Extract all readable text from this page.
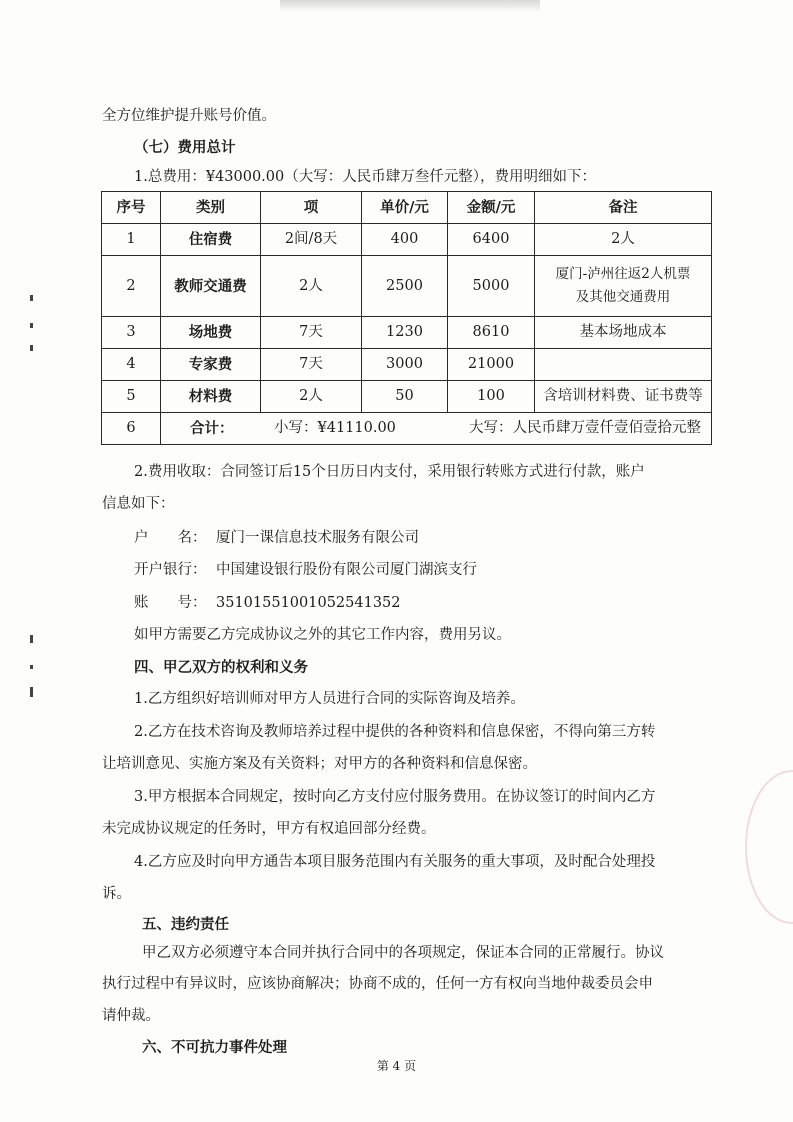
全方位维护提升账号价值。

（七）费用总计

1.总费用：¥43000.00（大写：人民币肆万叁仟元整），费用明细如下：

序号	类别	项	单价/元	金额/元	备注
1	住宿费	2间/8天	400	6400	2人
2	教师交通费	2人	2500	5000	厦门-泸州往返2人机票
及其他交通费用

3	场地费	7天	1230	8610	基本场地成本
4	专家费	7天	3000	21000	
5	材料费	2人	50	100	含培训材料费、证书费等
6	合计： 小写：¥41110.00 大写：人民币肆万壹仟壹佰壹拾元整				

2.费用收取：合同签订后15个日历日内支付，采用银行转账方式进行付款，账户

信息如下：

户　　名： 厦门一课信息技术服务有限公司

开户银行： 中国建设银行股份有限公司厦门湖滨支行

账　　号： 35101551001052541352

如甲方需要乙方完成协议之外的其它工作内容，费用另议。

四、甲乙双方的权利和义务

1.乙方组织好培训师对甲方人员进行合同的实际咨询及培养。

2.乙方在技术咨询及教师培养过程中提供的各种资料和信息保密，不得向第三方转

让培训意见、实施方案及有关资料；对甲方的各种资料和信息保密。

3.甲方根据本合同规定，按时向乙方支付应付服务费用。在协议签订的时间内乙方

未完成协议规定的任务时，甲方有权追回部分经费。

4.乙方应及时向甲方通告本项目服务范围内有关服务的重大事项，及时配合处理投

诉。

五、违约责任

甲乙双方必须遵守本合同并执行合同中的各项规定，保证本合同的正常履行。协议

执行过程中有异议时，应该协商解决；协商不成的，任何一方有权向当地仲裁委员会申

请仲裁。

六、不可抗力事件处理

第 4 页
